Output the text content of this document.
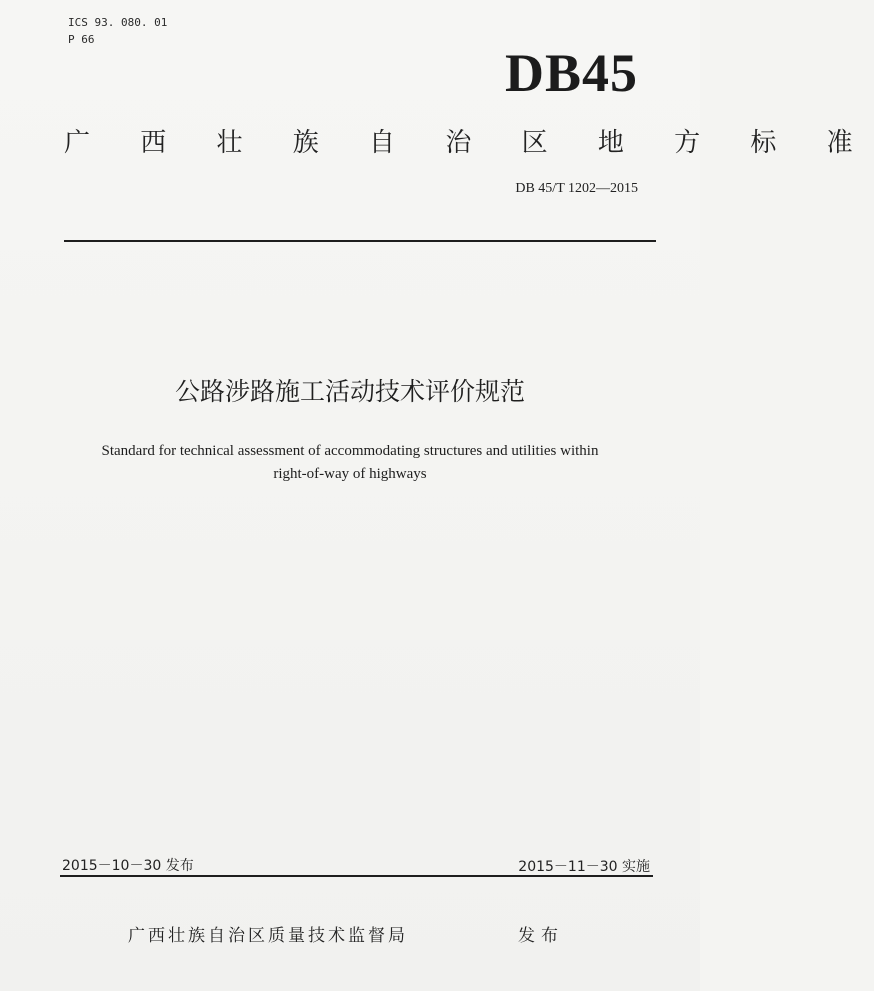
ICS 93. 080. 01
P 66
DB45
广 西 壮 族 自 治 区 地 方 标 准
DB 45/T 1202—2015
公路涉路施工活动技术评价规范
Standard for technical assessment of accommodating structures and utilities within
right-of-way of highways
2015－10－30 发布	2015－11－30 实施
广西壮族自治区质量技术监督局	发布
